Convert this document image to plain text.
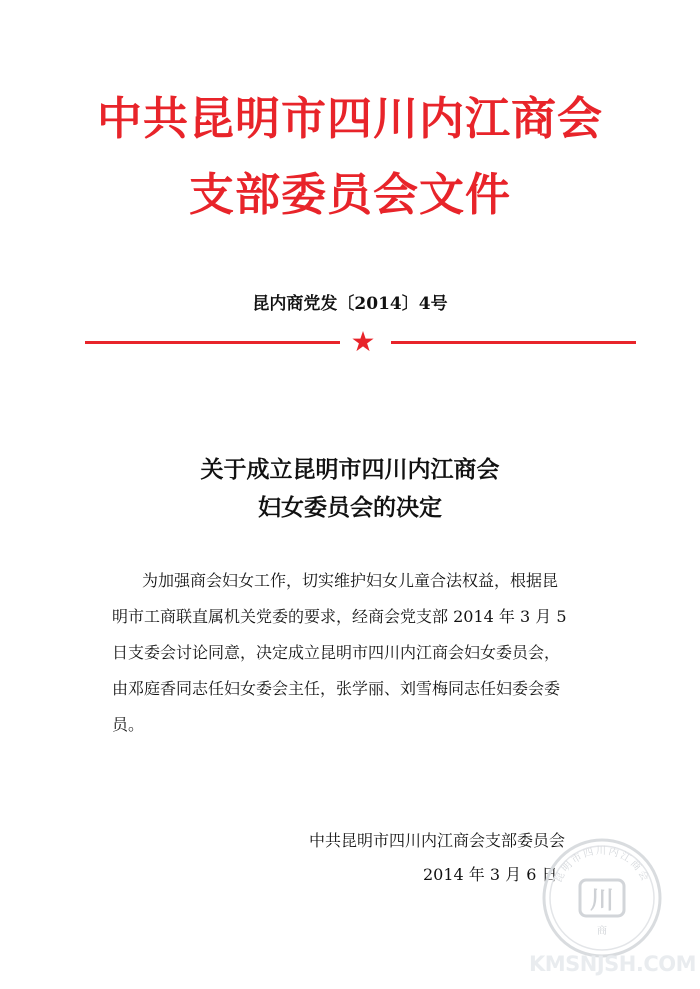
中共昆明市四川内江商会
支部委员会文件
昆内商党发〔2014〕4号
关于成立昆明市四川内江商会
妇女委员会的决定
为加强商会妇女工作，切实维护妇女儿童合法权益，根据昆
明市工商联直属机关党委的要求，经商会党支部 2014 年 3 月 5
日支委会讨论同意，决定成立昆明市四川内江商会妇女委员会，
由邓庭香同志任妇女委会主任，张学丽、刘雪梅同志任妇委会委
员。
中共昆明市四川内江商会支部委员会
2014 年 3 月 6 日
昆明市四川内江商会
川
商
KMSNJSH.COM
